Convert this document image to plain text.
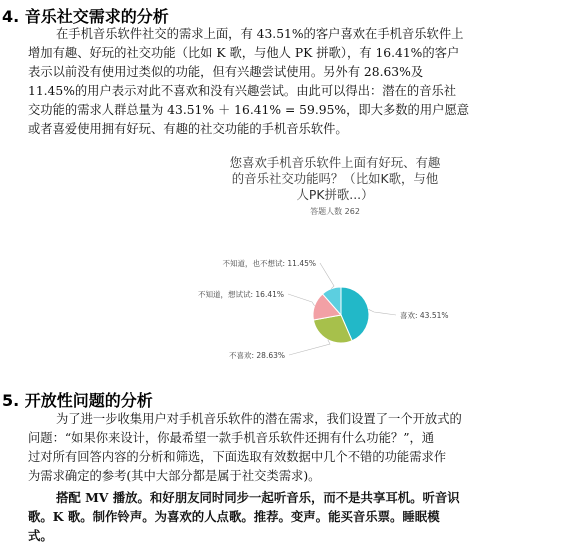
4. 音乐社交需求的分析
在手机音乐软件社交的需求上面，有 43.51%的客户喜欢在手机音乐软件上
增加有趣、好玩的社交功能（比如 K 歌，与他人 PK 拼歌），有 16.41%的客户
表示以前没有使用过类似的功能，但有兴趣尝试使用。另外有 28.63%及
11.45%的用户表示对此不喜欢和没有兴趣尝试。由此可以得出：潜在的音乐社
交功能的需求人群总量为 43.51% ＋ 16.41% = 59.95%，即大多数的用户愿意
或者喜爱使用拥有好玩、有趣的社交功能的手机音乐软件。
您喜欢手机音乐软件上面有好玩、有趣
的音乐社交功能吗？（比如K歌，与他
人PK拼歌...）
答题人数 262
喜欢: 43.51%
不喜欢: 28.63%
不知道，想试试: 16.41%
不知道，也不想试: 11.45%
5. 开放性问题的分析
为了进一步收集用户对手机音乐软件的潜在需求，我们设置了一个开放式的
问题：“如果你来设计，你最希望一款手机音乐软件还拥有什么功能？”，通
过对所有回答内容的分析和筛选，下面选取有效数据中几个不错的功能需求作
为需求确定的参考(其中大部分都是属于社交类需求)。
搭配 MV 播放。和好朋友同时同步一起听音乐，而不是共享耳机。听音识
歌。K 歌。制作铃声。为喜欢的人点歌。推荐。变声。能买音乐票。睡眠模
式。
